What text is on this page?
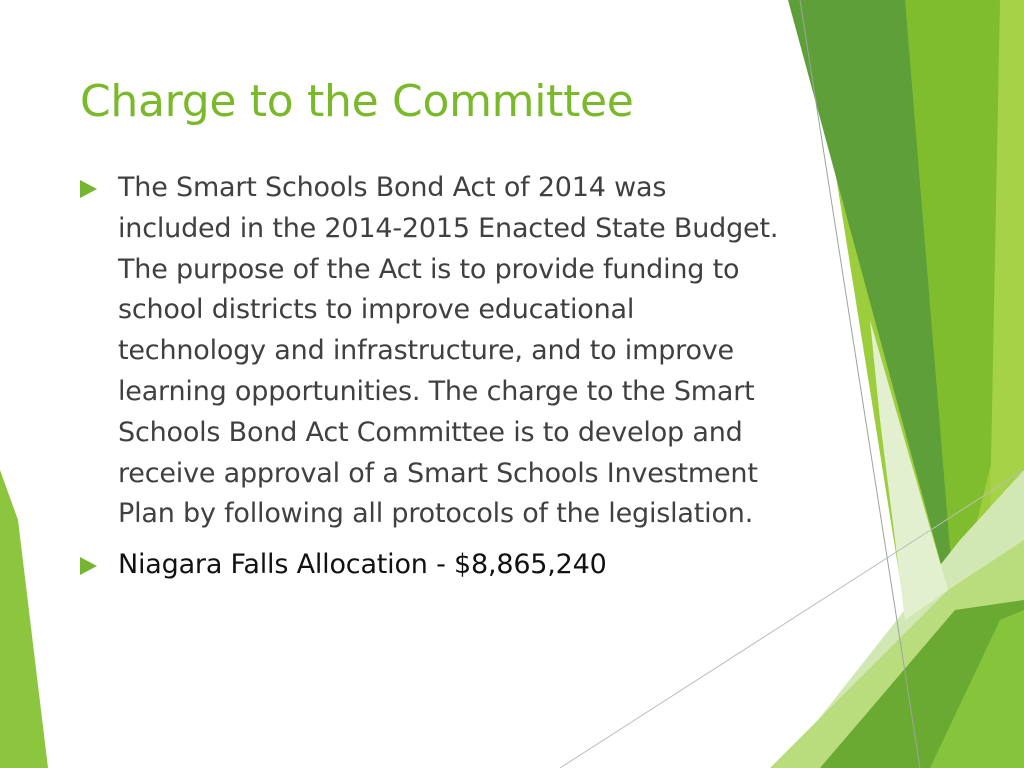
Charge to the Committee
The Smart Schools Bond Act of 2014 was included in the 2014-2015 Enacted State Budget. The purpose of the Act is to provide funding to school districts to improve educational technology and infrastructure, and to improve learning opportunities. The charge to the Smart Schools Bond Act Committee is to develop and receive approval of a Smart Schools Investment Plan by following all protocols of the legislation.
Niagara Falls Allocation - $8,865,240
